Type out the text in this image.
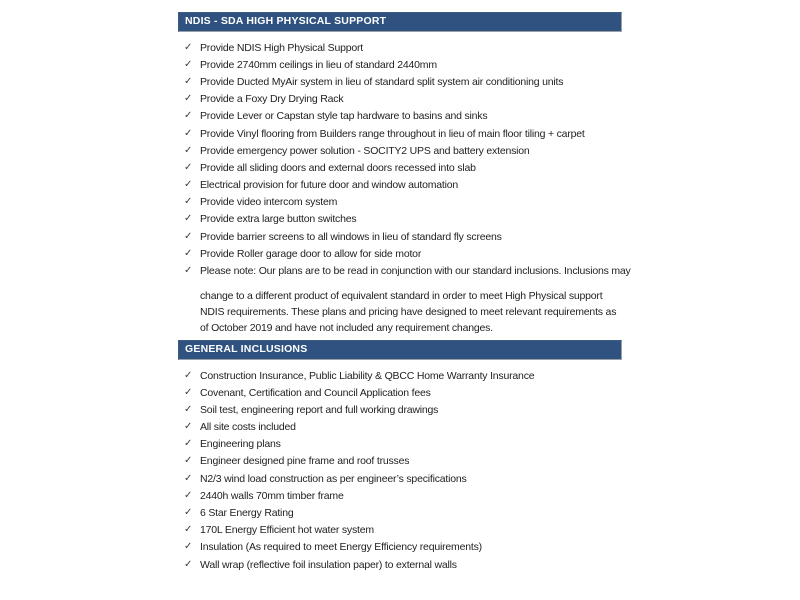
NDIS - SDA HIGH PHYSICAL SUPPORT
✓ Provide NDIS High Physical Support
✓ Provide 2740mm ceilings in lieu of standard 2440mm
✓ Provide Ducted MyAir system in lieu of standard split system air conditioning units
✓ Provide a Foxy Dry Drying Rack
✓ Provide Lever or Capstan style tap hardware to basins and sinks
✓ Provide Vinyl flooring from Builders range throughout in lieu of main floor tiling + carpet
✓ Provide emergency power solution - SOCITY2 UPS and battery extension
✓ Provide all sliding doors and external doors recessed into slab
✓ Electrical provision for future door and window automation
✓ Provide video intercom system
✓ Provide extra large button switches
✓ Provide barrier screens to all windows in lieu of standard fly screens
✓ Provide Roller garage door to allow for side motor
✓ Please note: Our plans are to be read in conjunction with our standard inclusions. Inclusions may
change to a different product of equivalent standard in order to meet High Physical support
NDIS requirements. These plans and pricing have designed to meet relevant requirements as
of October 2019 and have not included any requirement changes.
GENERAL INCLUSIONS
✓ Construction Insurance, Public Liability & QBCC Home Warranty Insurance
✓ Covenant, Certification and Council Application fees
✓ Soil test, engineering report and full working drawings
✓ All site costs included
✓ Engineering plans
✓ Engineer designed pine frame and roof trusses
✓ N2/3 wind load construction as per engineer’s specifications
✓ 2440h walls 70mm timber frame
✓ 6 Star Energy Rating
✓ 170L Energy Efficient hot water system
✓ Insulation (As required to meet Energy Efficiency requirements)
✓ Wall wrap (reflective foil insulation paper) to external walls
